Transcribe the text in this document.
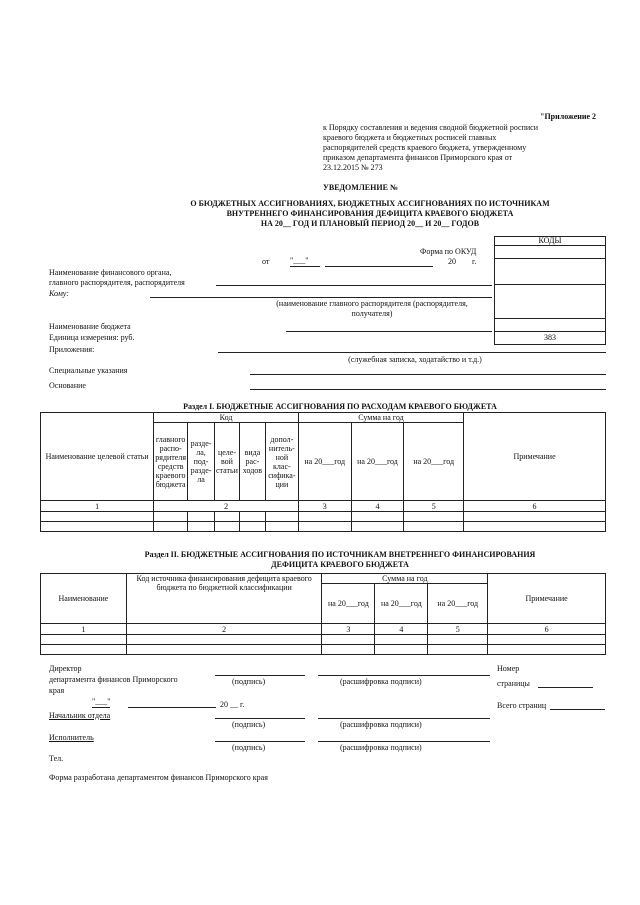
"Приложение 2
к Порядку составления и ведения сводной бюджетной росписи
краевого бюджета и бюджетных росписей главных
распорядителей средств краевого бюджета, утвержденному
приказом департамента финансов Приморского края от
23.12.2015 № 273
УВЕДОМЛЕНИЕ №
О БЮДЖЕТНЫХ АССИГНОВАНИЯХ, БЮДЖЕТНЫХ АССИГНОВАНИЯХ ПО ИСТОЧНИКАМ
ВНУТРЕННЕГО ФИНАНСИРОВАНИЯ ДЕФИЦИТА КРАЕВОГО БЮДЖЕТА
НА 20__ ГОД И ПЛАНОВЫЙ ПЕРИОД 20__ И 20__ ГОДОВ
КОДЫ
Форма по ОКУД
от	"___"	20 г.
Наименование финансового органа,
главного распорядителя, распорядителя
Кому:
(наименование главного распорядителя (распорядителя,
получателя)
Наименование бюджета
Единица измерения: руб.	383
Приложения:
(служебная записка, ходатайство и т.д.)
Специальные указания
Основание
Раздел I. БЮДЖЕТНЫЕ АССИГНОВАНИЯ ПО РАСХОДАМ КРАЕВОГО БЮДЖЕТА
Наименование целевой статьи	Код					Сумма на год			Примечание
	главного распо- рядителя средств краевого бюджета	разде- ла, под- разде- ла	целе- вой статьи	вида рас- ходов	допол- нитель- ной клас- сифика- ции	на 20___год	на 20___год	на 20___год	
1	2					3	4	5	6

Раздел II. БЮДЖЕТНЫЕ АССИГНОВАНИЯ ПО ИСТОЧНИКАМ ВНЕТРЕННЕГО ФИНАНСИРОВАНИЯ
ДЕФИЦИТА КРАЕВОГО БЮДЖЕТА
Наименование	Код источника финансирования дефицита краевого бюджета по бюджетной классификации	Сумма на год			Примечание
		на 20___год	на 20___год	на 20___год	
1	2	3	4	5	6

Директор
департамента финансов Приморского
края
(подпись)	(расшифровка подписи)
Номер
страницы
"___"	20 __ г.	Всего страниц
Начальник отдела
(подпись)	(расшифровка подписи)
Исполнитель
(подпись)	(расшифровка подписи)
Тел.
Форма разработана департаментом финансов Приморского края
